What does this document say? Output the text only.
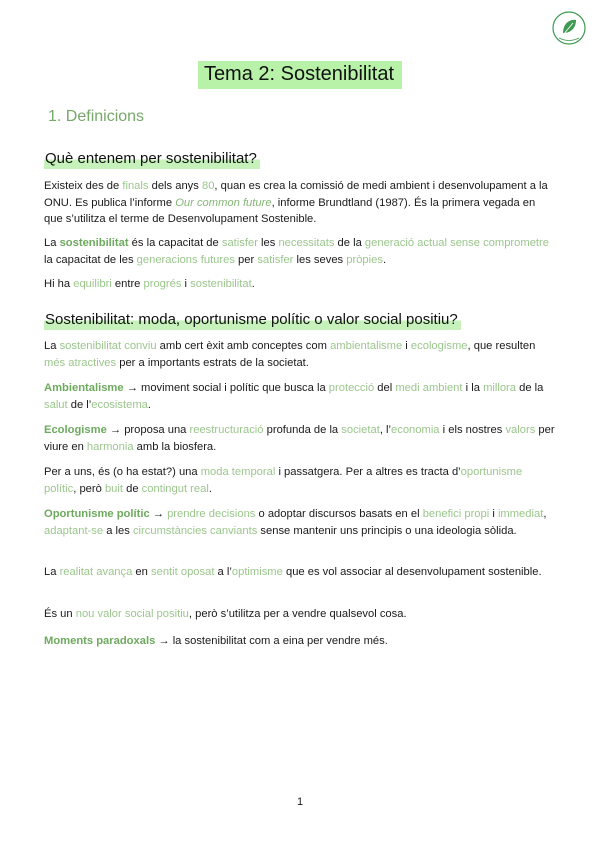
Tema 2: Sostenibilitat
1. Definicions
Què entenem per sostenibilitat?

Existeix des de finals dels anys 80, quan es crea la comissió de medi ambient i desenvolupament a la ONU. Es publica l’informe Our common future, informe Brundtland (1987). És la primera vegada en que s’utilitza el terme de Desenvolupament Sostenible.

La sostenibilitat és la capacitat de satisfer les necessitats de la generació actual sense comprometre la capacitat de les generacions futures per satisfer les seves pròpies.

Hi ha equilibri entre progrés i sostenibilitat.

Sostenibilitat: moda, oportunisme polític o valor social positiu?

La sostenibilitat conviu amb cert èxit amb conceptes com ambientalisme i ecologisme, que resulten més atractives per a importants estrats de la societat.

Ambientalisme → moviment social i polític que busca la protecció del medi ambient i la millora de la salut de l’ecosistema.

Ecologisme → proposa una reestructuració profunda de la societat, l’economia i els nostres valors per viure en harmonia amb la biosfera.

Per a uns, és (o ha estat?) una moda temporal i passatgera. Per a altres es tracta d’oportunisme polític, però buit de contingut real.

Oportunisme polític → prendre decisions o adoptar discursos basats en el benefici propi i immediat, adaptant-se a les circumstàncies canviants sense mantenir uns principis o una ideologia sòlida.

La realitat avança en sentit oposat a l’optimisme que es vol associar al desenvolupament sostenible.

És un nou valor social positiu, però s’utilitza per a vendre qualsevol cosa.

Moments paradoxals → la sostenibilitat com a eina per vendre més.

1
